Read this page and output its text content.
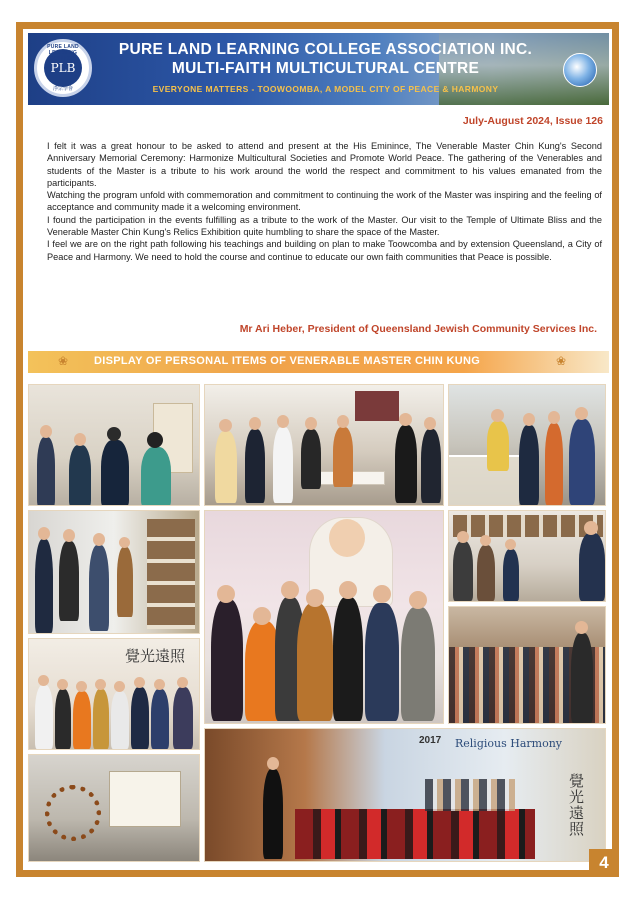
PURE LAND LEARNING COLLEGE
PLB
淨宗學會
PURE LAND LEARNING COLLEGE ASSOCIATION INC.
MULTI-FAITH MULTICULTURAL CENTRE
EVERYONE MATTERS - TOOWOOMBA, A MODEL CITY OF PEACE & HARMONY
July-August 2024, Issue 126

I felt it was a great honour to be asked to attend and present at the His Eminince, The Venerable Master Chin Kung's Second Anniversary Memorial Ceremony: Harmonize Multicultural Societies and Promote World Peace. The gathering of the Venerables and students of the Master is a tribute to his work around the world the respect and commitment to his values emanated from the participants.

Watching the program unfold with commemoration and commitment to continuing the work of the Master was inspiring and the feeling of acceptance and community made it a welcoming environment.

I found the participation in the events fulfilling as a tribute to the work of the Master. Our visit to the Temple of Ultimate Bliss and the Venerable Master Chin Kung's Relics Exhibition quite humbling to share the space of the Master.

I feel we are on the right path following his teachings and building on plan to make Toowcomba and by extension Queensland, a City of Peace and Harmony. We need to hold the course and continue to educate our own faith communities that Peace is possible.

Mr Ari Heber, President of Queensland Jewish Community Services Inc.
❀ DISPLAY OF PERSONAL ITEMS OF VENERABLE MASTER CHIN KUNG	❀
覺光遠照
2017 Religious Harmony
覺光遠照
4
